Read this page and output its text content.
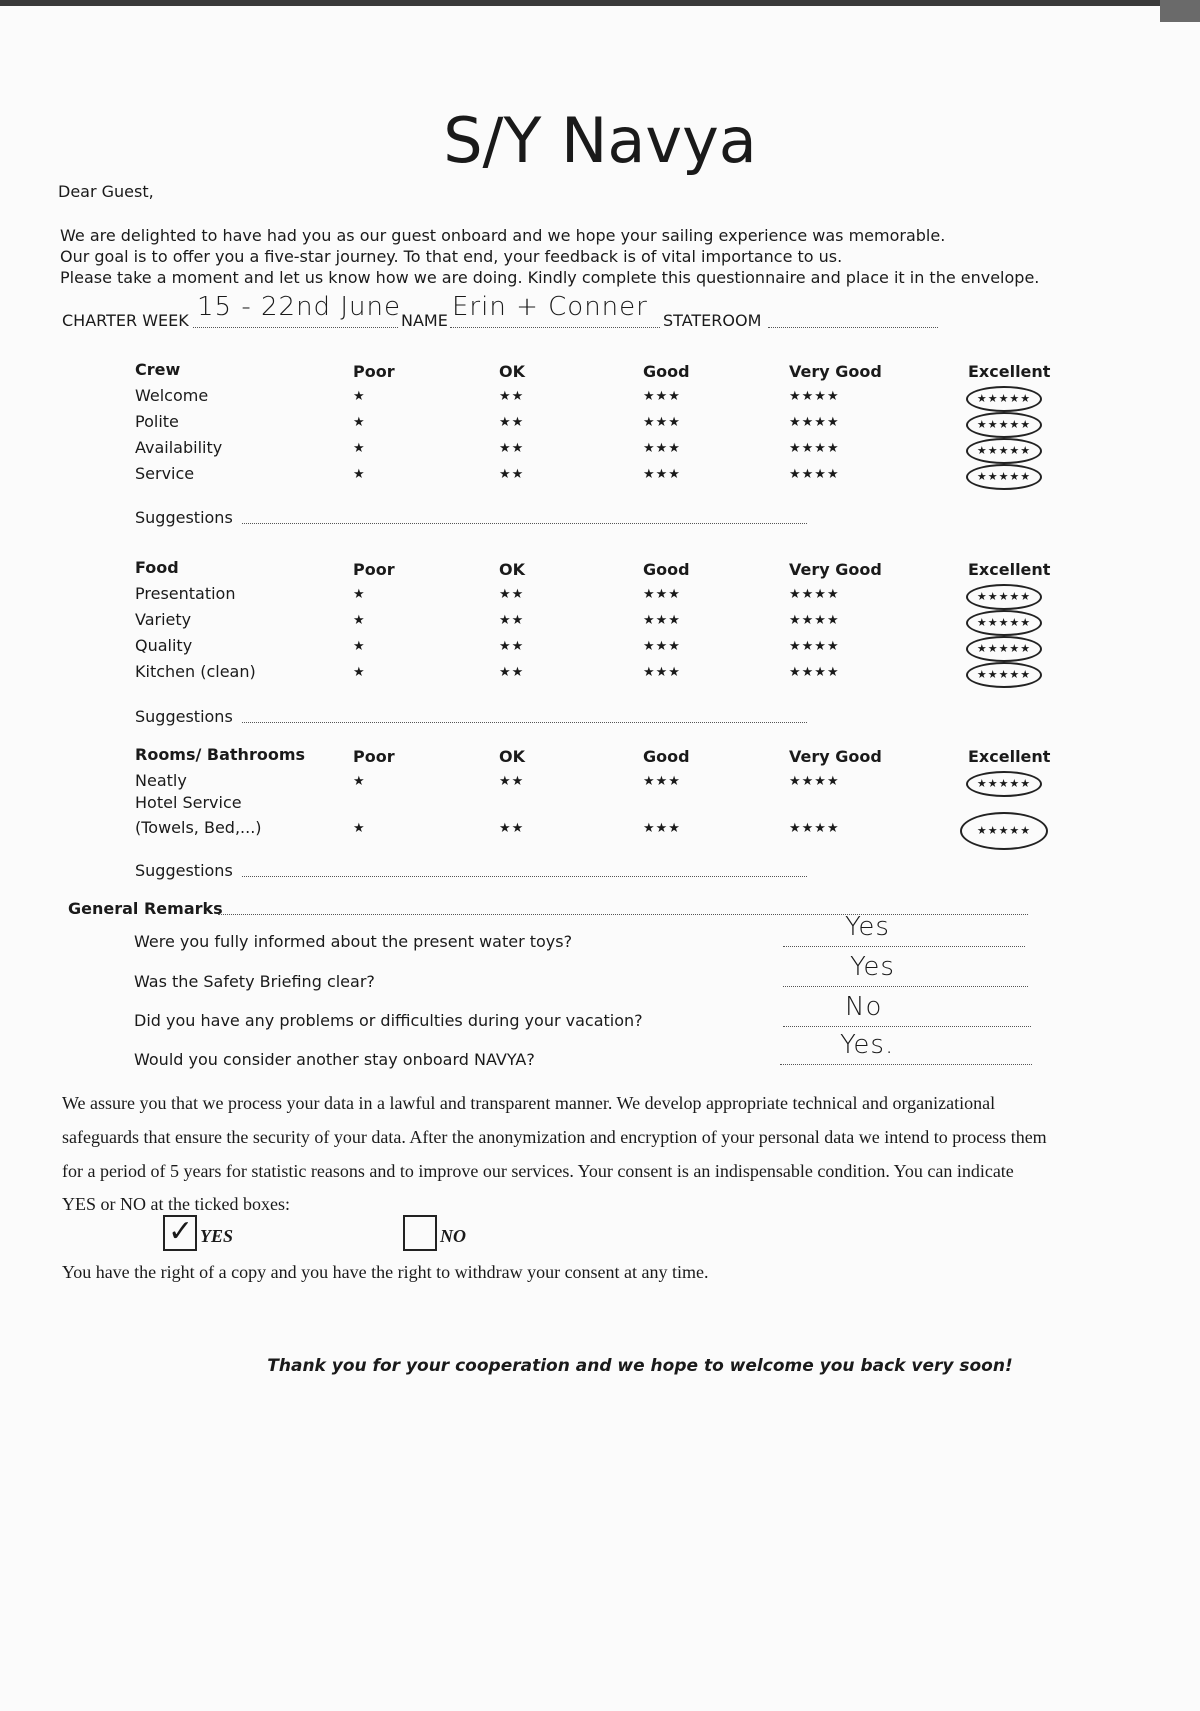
S/Y Navya
Dear Guest,
We are delighted to have had you as our guest onboard and we hope your sailing experience was memorable.
Our goal is to offer you a five-star journey. To that end, your feedback is of vital importance to us.
Please take a moment and let us know how we are doing. Kindly complete this questionnaire and place it in the envelope.
CHARTER WEEK 15 - 22nd June NAME Erin + Conner STATEROOM
Crew	Poor	OK	Good	Very Good	Excellent
Welcome	★	★★	★★★	★★★★	★★★★★
Polite	★	★★	★★★	★★★★	★★★★★
Availability	★	★★	★★★	★★★★	★★★★★
Service	★	★★	★★★	★★★★	★★★★★
Suggestions
Food	Poor	OK	Good	Very Good	Excellent
Presentation	★	★★	★★★	★★★★	★★★★★
Variety	★	★★	★★★	★★★★	★★★★★
Quality	★	★★	★★★	★★★★	★★★★★
Kitchen (clean)	★	★★	★★★	★★★★	★★★★★
Suggestions
Rooms/ Bathrooms	Poor	OK	Good	Very Good	Excellent
Neatly	★	★★	★★★	★★★★	★★★★★
Hotel Service
(Towels, Bed,...)	★	★★	★★★	★★★★	★★★★★
Suggestions
General Remarks
Were you fully informed about the present water toys?	Yes
Was the Safety Briefing clear?	Yes
Did you have any problems or difficulties during your vacation?	No
Would you consider another stay onboard NAVYA?	Yes.
We assure you that we process your data in a lawful and transparent manner. We develop appropriate technical and organizational
safeguards that ensure the security of your data. After the anonymization and encryption of your personal data we intend to process them
for a period of 5 years for statistic reasons and to improve our services. Your consent is an indispensable condition. You can indicate
YES or NO at the ticked boxes:
✓ YES	NO
You have the right of a copy and you have the right to withdraw your consent at any time.
Thank you for your cooperation and we hope to welcome you back very soon!
